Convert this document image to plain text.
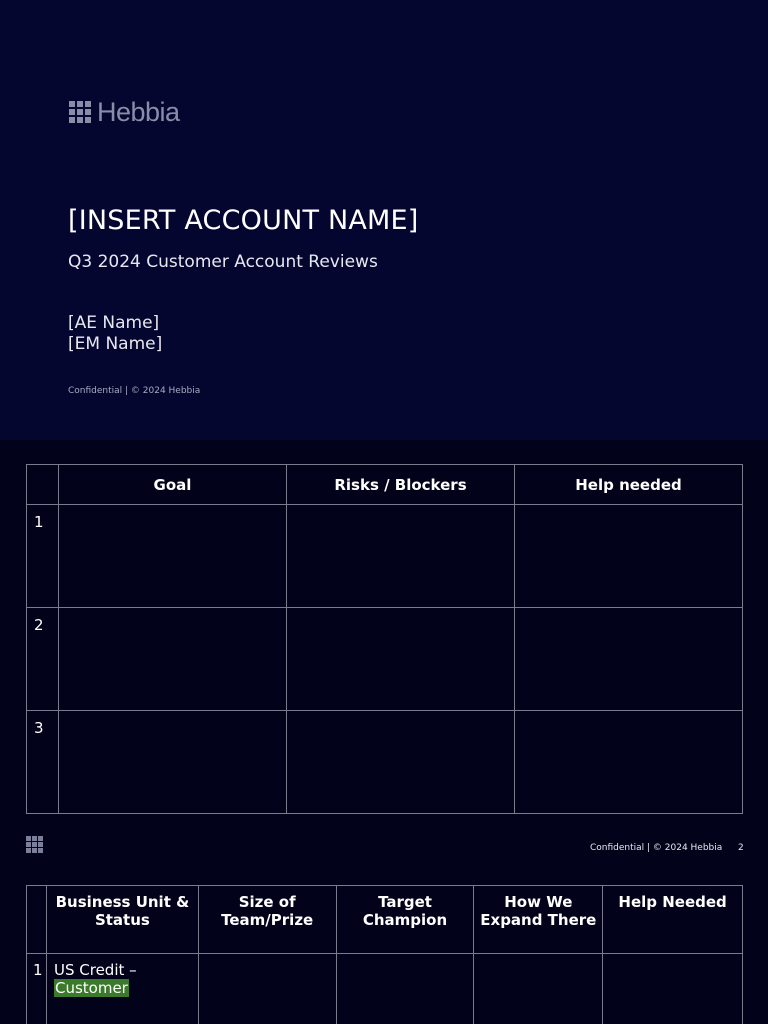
Hebbia
[INSERT ACCOUNT NAME]
Q3 2024 Customer Account Reviews
[AE Name]
[EM Name]
Confidential | © 2024 Hebbia
	Goal	Risks / Blockers	Help needed
1			
2			
3			
Confidential | © 2024 Hebbia 2
	Business Unit & Status	Size of Team/Prize	Target Champion	How We Expand There	Help Needed
1	US Credit –
Customer				
